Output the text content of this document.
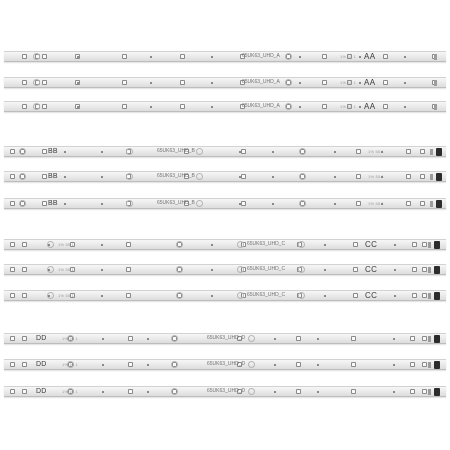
65UK63_UHD_A	1% 55 1 AA
65UK63_UHD_A	1% 55 1 AA
65UK63_UHD_A	1% 55 1 AA
65UK63_UHD_B	1% 55 1
BB
65UK63_UHD_B	1% 55 1
BB
65UK63_UHD_B	1% 55 1
BB
65UK63_UHD_C
1% 55 1	CC
65UK63_UHD_C
1% 55 1	CC
65UK63_UHD_C
1% 55 1	CC
65UK63_UHD_D
1% 55 1
DD
65UK63_UHD_D
1% 55 1
DD
65UK63_UHD_D
1% 55 1
DD
